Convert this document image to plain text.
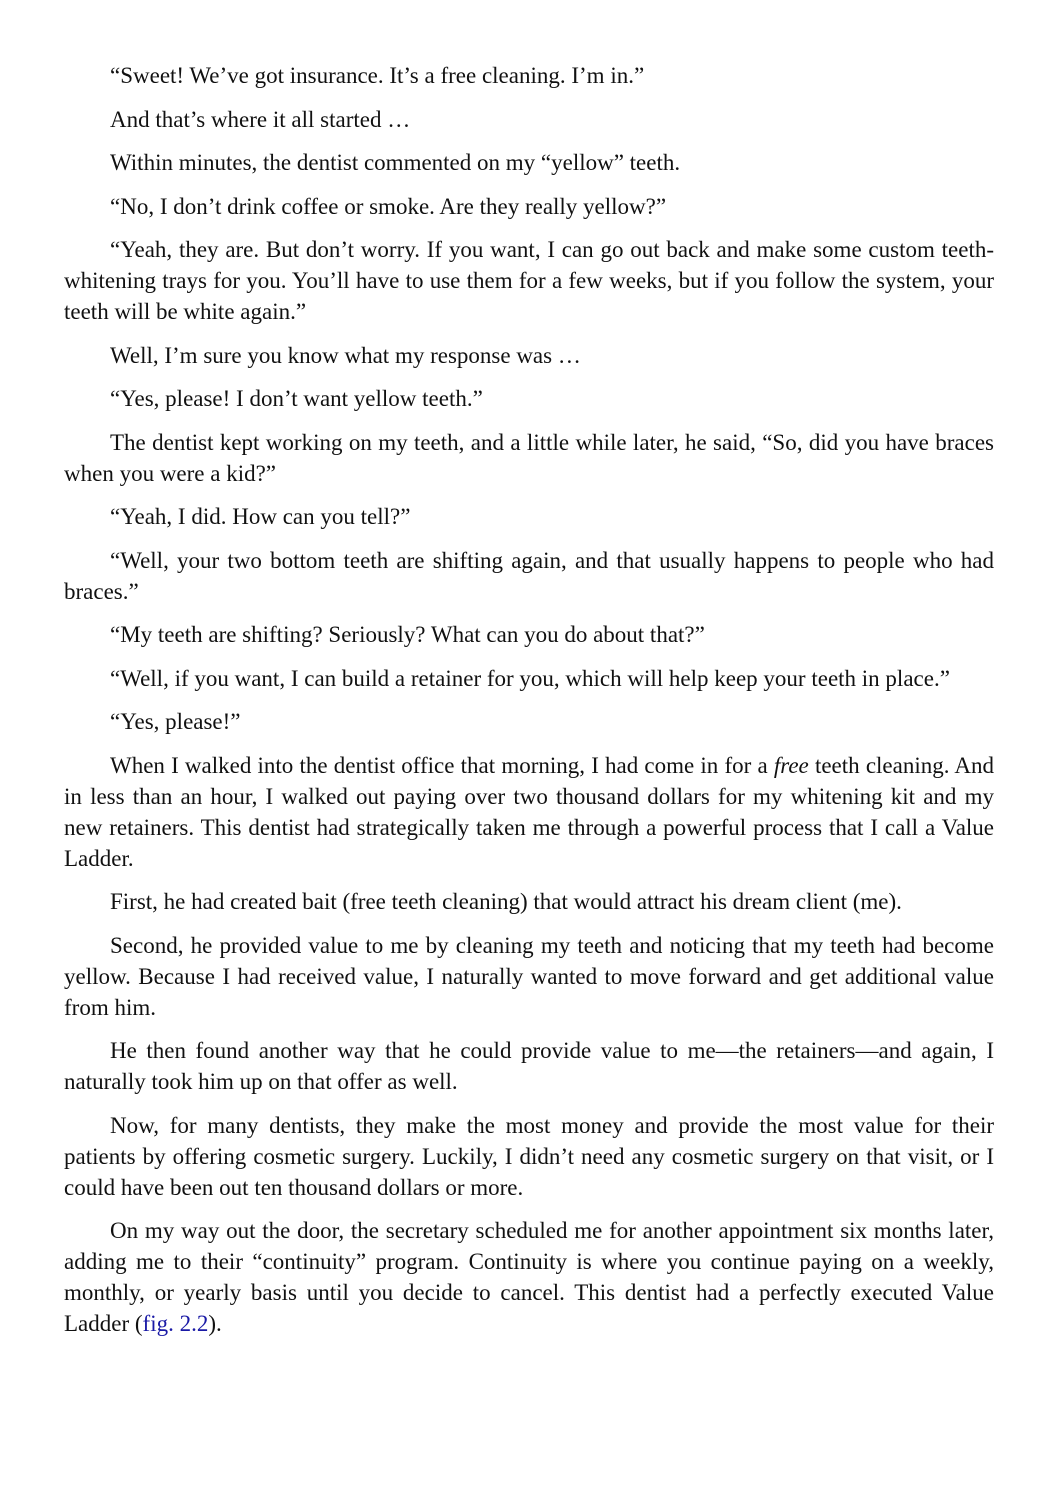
“Sweet! We’ve got insurance. It’s a free cleaning. I’m in.”

And that’s where it all started …

Within minutes, the dentist commented on my “yellow” teeth.

“No, I don’t drink coffee or smoke. Are they really yellow?”

“Yeah, they are. But don’t worry. If you want, I can go out back and make some custom teeth-whitening trays for you. You’ll have to use them for a few weeks, but if you follow the system, your teeth will be white again.”

Well, I’m sure you know what my response was …

“Yes, please! I don’t want yellow teeth.”

The dentist kept working on my teeth, and a little while later, he said, “So, did you have braces when you were a kid?”

“Yeah, I did. How can you tell?”

“Well, your two bottom teeth are shifting again, and that usually happens to people who had braces.”

“My teeth are shifting? Seriously? What can you do about that?”

“Well, if you want, I can build a retainer for you, which will help keep your teeth in place.”

“Yes, please!”

When I walked into the dentist office that morning, I had come in for a free teeth cleaning. And in less than an hour, I walked out paying over two thousand dollars for my whitening kit and my new retainers. This dentist had strategically taken me through a powerful process that I call a Value Ladder.

First, he had created bait (free teeth cleaning) that would attract his dream client (me).

Second, he provided value to me by cleaning my teeth and noticing that my teeth had become yellow. Because I had received value, I naturally wanted to move forward and get additional value from him.

He then found another way that he could provide value to me—the retainers—and again, I naturally took him up on that offer as well.

Now, for many dentists, they make the most money and provide the most value for their patients by offering cosmetic surgery. Luckily, I didn’t need any cosmetic surgery on that visit, or I could have been out ten thousand dollars or more.

On my way out the door, the secretary scheduled me for another appointment six months later, adding me to their “continuity” program. Continuity is where you continue paying on a weekly, monthly, or yearly basis until you decide to cancel. This dentist had a perfectly executed Value Ladder (fig. 2.2).
